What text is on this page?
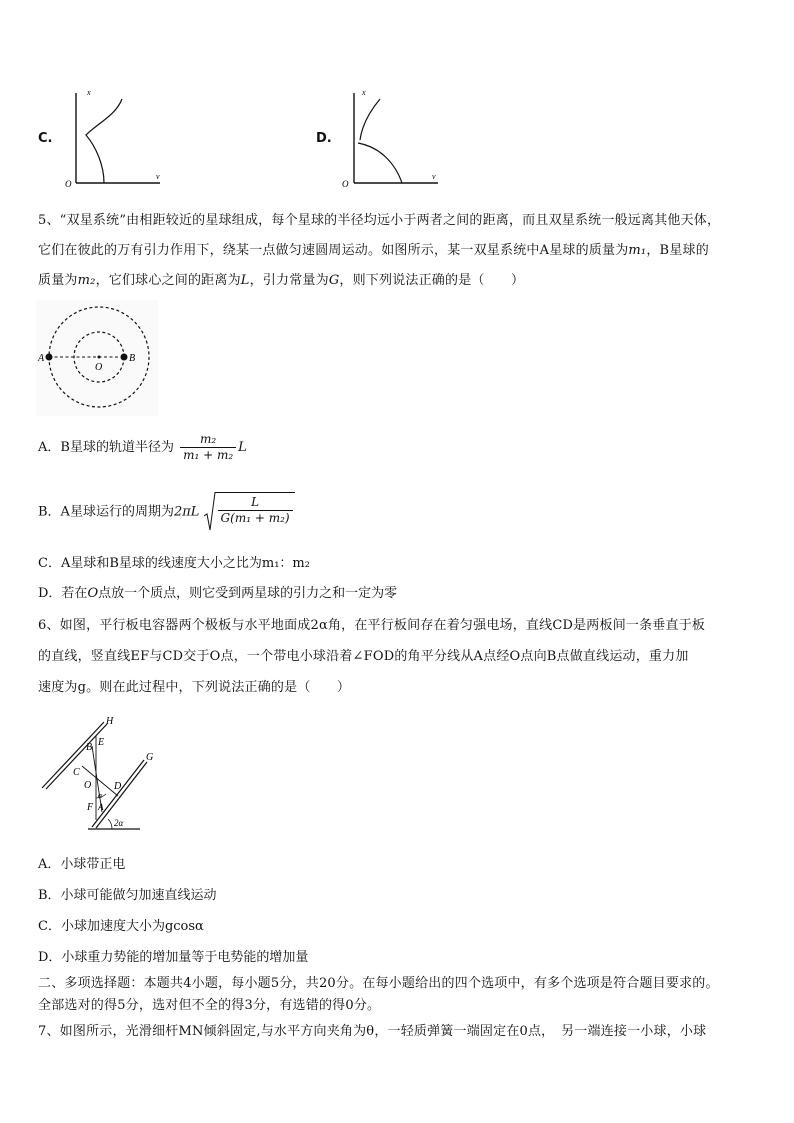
C.
x
v
O
D.
x
v
O
5、“双星系统”由相距较近的星球组成，每个星球的半径均远小于两者之间的距离，而且双星系统一般远离其他天体，
它们在彼此的万有引力作用下，绕某一点做匀速圆周运动。如图所示，某一双星系统中A星球的质量为m₁，B星球的
质量为m₂，它们球心之间的距离为L，引力常量为G，则下列说法正确的是（　　）
A
O
B
A．B星球的轨道半径为 $\frac{\text{m₂}}{\text{m₁ + m₂}}$ L
B．A星球运行的周期为$2\pi L \frac{L}{\text{G(m₁ + m₂)}}$
C．A星球和B星球的线速度大小之比为m₁：m₂
D．若在O点放一个质点，则它受到两星球的引力之和一定为零
6、如图，平行板电容器两个极板与水平地面成2α角，在平行板间存在着匀强电场，直线CD是两板间一条垂直于板
的直线，竖直线EF与CD交于O点，一个带电小球沿着∠FOD的角平分线从A点经O点向B点做直线运动，重力加
速度为g。则在此过程中，下列说法正确的是（　　）
H
G
B E
C
O D
α
F A
2α
A．小球带正电
B．小球可能做匀加速直线运动
C．小球加速度大小为gcosα
D．小球重力势能的增加量等于电势能的增加量
二、多项选择题：本题共4小题，每小题5分，共20分。在每小题给出的四个选项中，有多个选项是符合题目要求的。
全部选对的得5分，选对但不全的得3分，有选错的得0分。
7、如图所示，光滑细杆MN倾斜固定,与水平方向夹角为θ，一轻质弹簧一端固定在0点，　另一端连接一小球，小球
